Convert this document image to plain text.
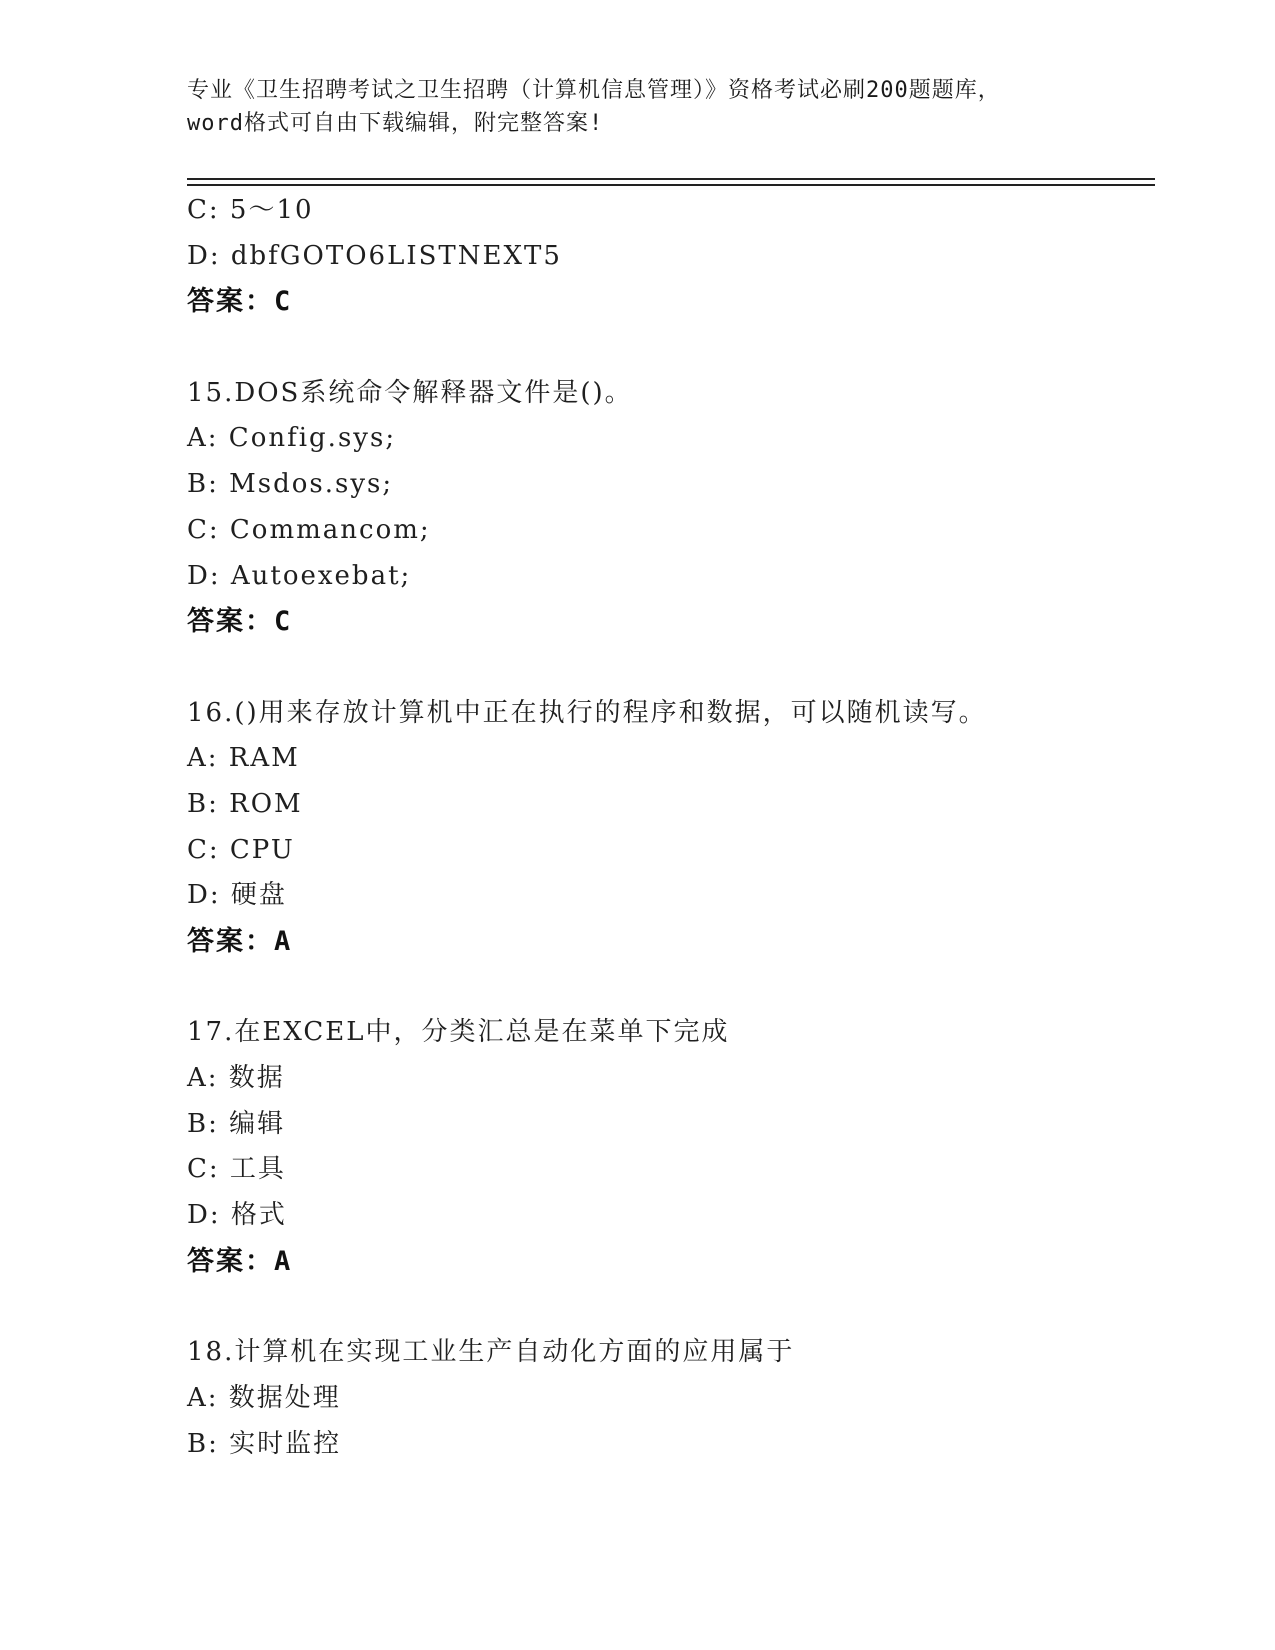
专业《卫生招聘考试之卫生招聘（计算机信息管理）》资格考试必刷200题题库，
word格式可自由下载编辑，附完整答案!
C: 5～10
D: dbfGOTO6LISTNEXT5
答案：C
15.DOS系统命令解释器文件是()。
A: Config.sys;
B: Msdos.sys;
C: Commancom;
D: Autoexebat;
答案：C
16.()用来存放计算机中正在执行的程序和数据，可以随机读写。
A: RAM
B: ROM
C: CPU
D: 硬盘
答案：A
17.在EXCEL中，分类汇总是在菜单下完成
A: 数据
B: 编辑
C: 工具
D: 格式
答案：A
18.计算机在实现工业生产自动化方面的应用属于
A: 数据处理
B: 实时监控
